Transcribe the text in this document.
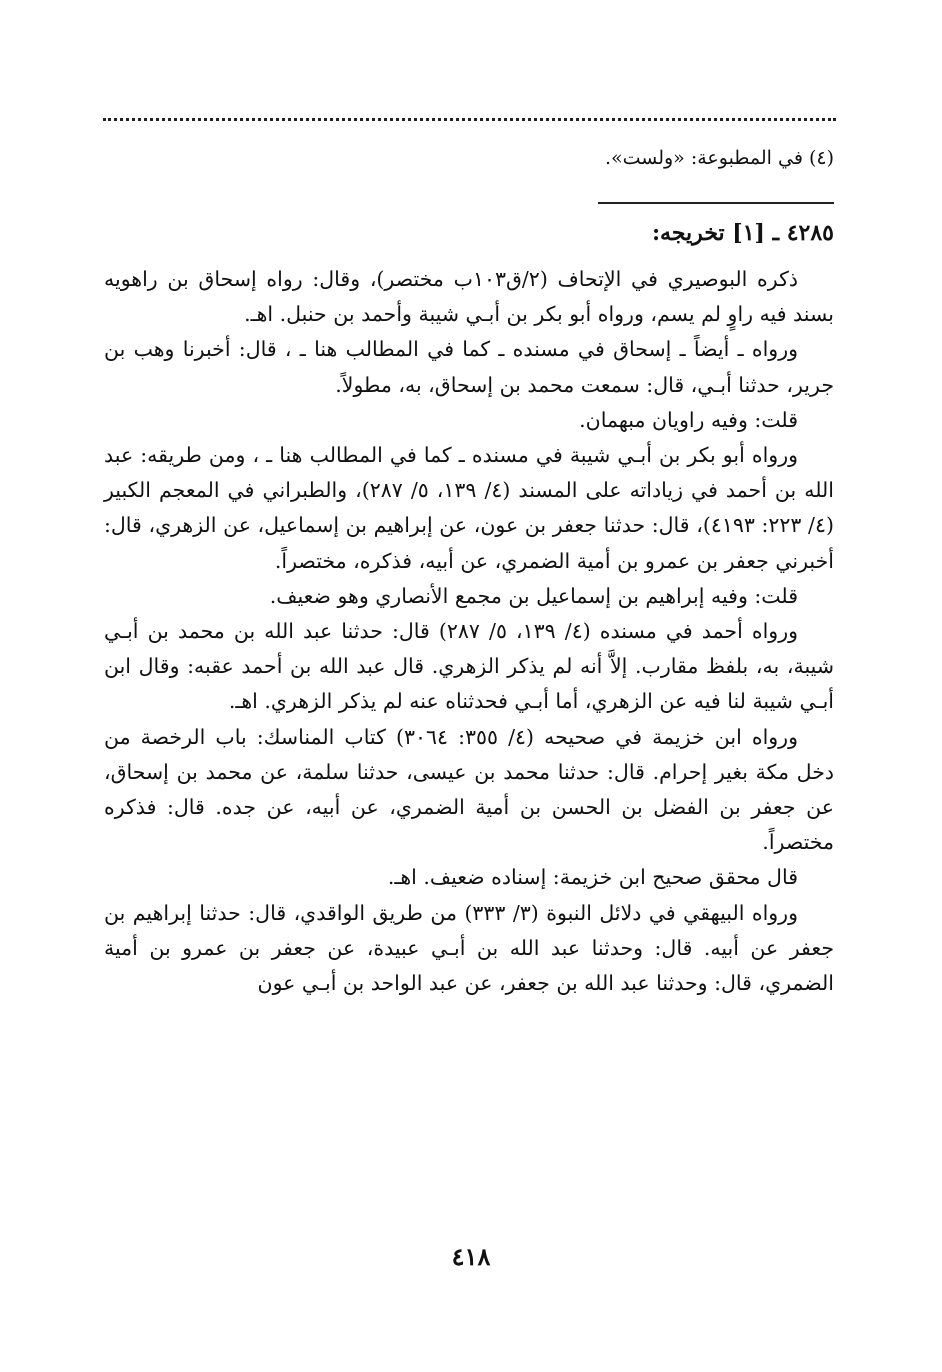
(٤) في المطبوعة: «ولست».
٤٢٨٥ ـ [١] تخريجه:

ذكره البوصيري في الإتحاف (٢/ق١٠٣ب مختصر)، وقال: رواه إسحاق بن راهويه بسند فيه راوٍ لم يسم، ورواه أبو بكر بن أبـي شيبة وأحمد بن حنبل. اهـ.

ورواه ـ أيضاً ـ إسحاق في مسنده ـ كما في المطالب هنا ـ ، قال: أخبرنا وهب بن جرير، حدثنا أبـي، قال: سمعت محمد بن إسحاق، به، مطولاً.

قلت: وفيه راويان مبهمان.

ورواه أبو بكر بن أبـي شيبة في مسنده ـ كما في المطالب هنا ـ ، ومن طريقه: عبد الله بن أحمد في زياداته على المسند (٤/ ١٣٩، ٥/ ٢٨٧)، والطبراني في المعجم الكبير (٤/ ٢٢٣: ٤١٩٣)، قال: حدثنا جعفر بن عون، عن إبراهيم بن إسماعيل، عن الزهري، قال: أخبرني جعفر بن عمرو بن أمية الضمري، عن أبيه، فذكره، مختصراً.

قلت: وفيه إبراهيم بن إسماعيل بن مجمع الأنصاري وهو ضعيف.

ورواه أحمد في مسنده (٤/ ١٣٩، ٥/ ٢٨٧) قال: حدثنا عبد الله بن محمد بن أبـي شيبة، به، بلفظ مقارب. إلاَّ أنه لم يذكر الزهري. قال عبد الله بن أحمد عقبه: وقال ابن أبـي شيبة لنا فيه عن الزهري، أما أبـي فحدثناه عنه لم يذكر الزهري. اهـ.

ورواه ابن خزيمة في صحيحه (٤/ ٣٥٥: ٣٠٦٤) كتاب المناسك: باب الرخصة من دخل مكة بغير إحرام. قال: حدثنا محمد بن عيسى، حدثنا سلمة، عن محمد بن إسحاق، عن جعفر بن الفضل بن الحسن بن أمية الضمري، عن أبيه، عن جده. قال: فذكره مختصراً.

قال محقق صحيح ابن خزيمة: إسناده ضعيف. اهـ.

ورواه البيهقي في دلائل النبوة (٣/ ٣٣٣) من طريق الواقدي، قال: حدثنا إبراهيم بن جعفر عن أبيه. قال: وحدثنا عبد الله بن أبـي عبيدة، عن جعفر بن عمرو بن أمية الضمري، قال: وحدثنا عبد الله بن جعفر، عن عبد الواحد بن أبـي عون

٤١٨
